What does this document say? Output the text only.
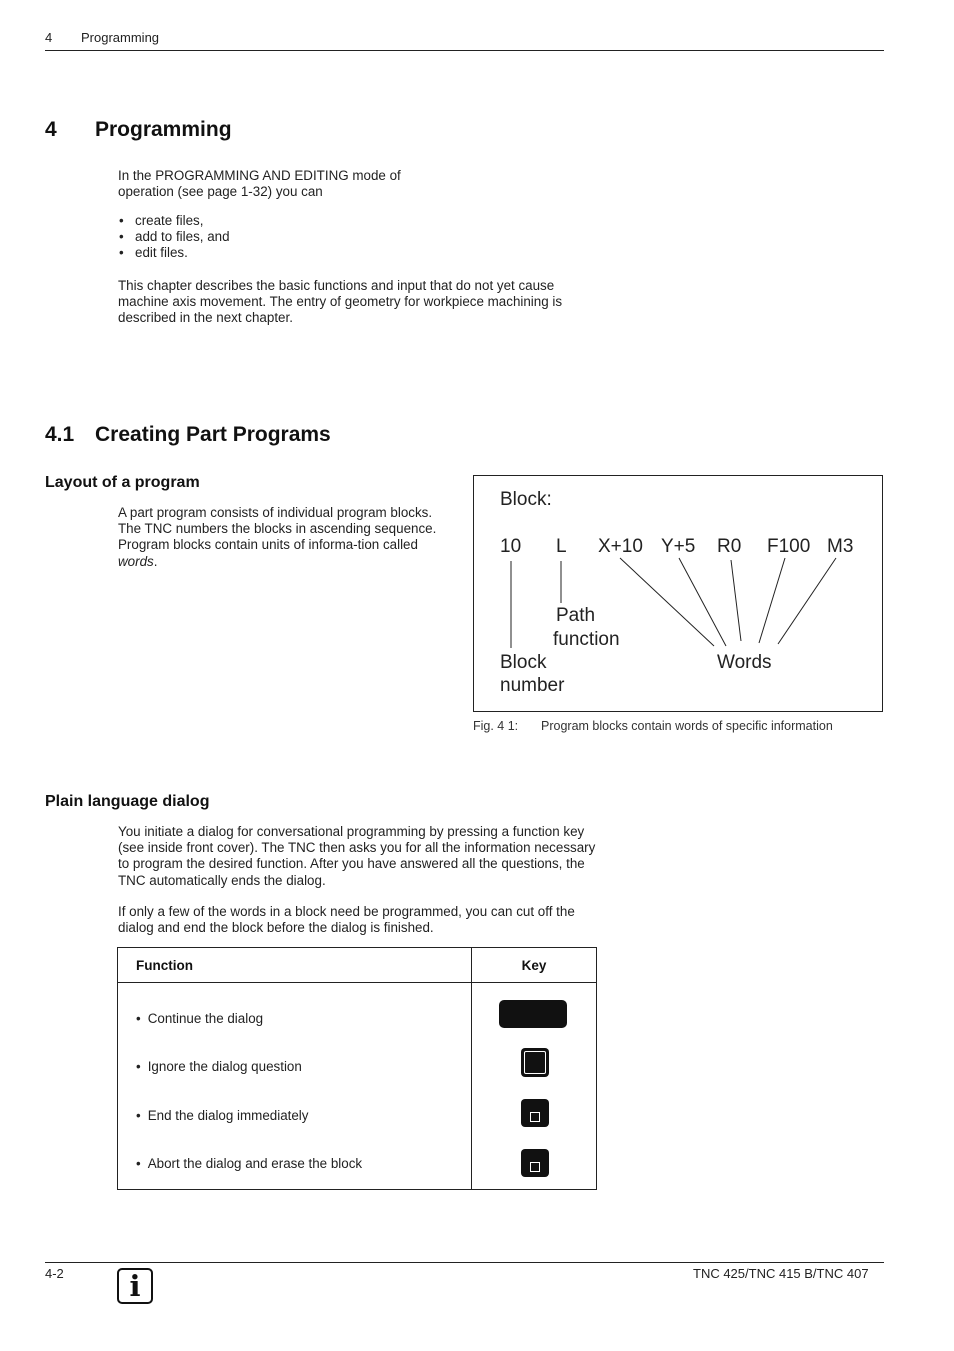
4 Programming
4 Programming

In the PROGRAMMING AND EDITING mode of operation (see page 1-32) you can

• create files,
• add to files, and
• edit files.

This chapter describes the basic functions and input that do not yet cause machine axis movement. The entry of geometry for workpiece machining is described in the next chapter.

4.1 Creating Part Programs
Layout of a program

A part program consists of individual program blocks. The TNC numbers the blocks in ascending sequence. Program blocks contain units of informa-tion called words.

Block:
10 L X+10 Y+5 R0 F100 M3
Path
function
Block
number
Words
Fig. 4 1: Program blocks contain words of specific information
Plain language dialog

You initiate a dialog for conversational programming by pressing a function key (see inside front cover). The TNC then asks you for all the information necessary to program the desired function. After you have answered all the questions, the TNC automatically ends the dialog.

If only a few of the words in a block need be programmed, you can cut off the dialog and end the block before the dialog is finished.

Function	Key

• Continue the dialog
• Ignore the dialog question
• End the dialog immediately
• Abort the dialog and erase the block
4-2	TNC 425/TNC 415 B/TNC 407
i
